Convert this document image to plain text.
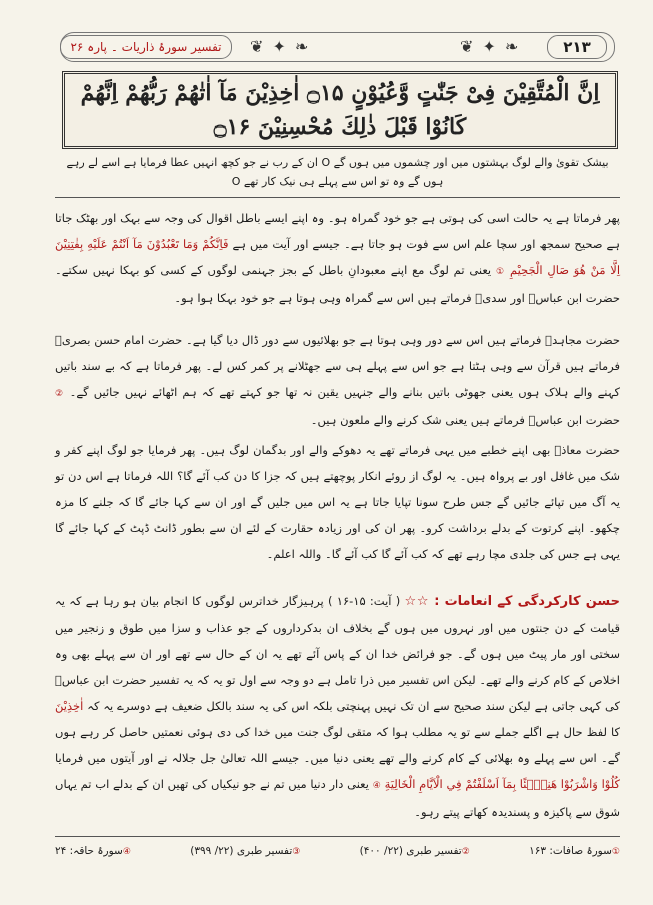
تفسیر سورۂ ذاریات ۔ پارہ ۲۶	❦ ✦ ❧	❦ ✦ ❧	۲۱۳
اِنَّ الْمُتَّقِیْنَ فِیْ جَنّٰتٍ وَّعُیُوْنٍ ۝۱۵ اٰخِذِیْنَ مَآ اٰتٰهُمْ رَبُّهُمْ اِنَّهُمْ
كَانُوْا قَبْلَ ذٰلِكَ مُحْسِنِیْنَ ۝۱۶
بیشک تقویٰ والے لوگ بہشتوں میں اور چشموں میں ہوں گے O ان کے رب نے جو کچھ انہیں عطا فرمایا ہے اسے لے رہے ہوں گے وہ تو اس سے پہلے ہی نیک کار تھے O
پھر فرماتا ہے یہ حالت اسی کی ہوتی ہے جو خود گمراہ ہو۔ وہ اپنے ایسے باطل اقوال کی وجہ سے بہک اور بھٹک جاتا ہے صحیح سمجھ اور سچا علم اس سے فوت ہو جاتا ہے۔ جیسے اور آیت میں ہے فَاِنَّكُمْ وَمَا تَعْبُدُوْنَ مَآ اَنْتُمْ عَلَيْهِ بِفٰتِنِيْنَ اِلَّا مَنْ هُوَ صَالِ الْجَحِيْمِ ① یعنی تم لوگ مع اپنے معبودانِ باطل کے بجز جہنمی لوگوں کے کسی کو بہکا نہیں سکتے۔ حضرت ابن عباسؓ اور سدیؒ فرماتے ہیں اس سے گمراہ وہی ہوتا ہے جو خود بہکا ہوا ہو۔
حضرت مجاہدؒ فرماتے ہیں اس سے دور وہی ہوتا ہے جو بھلائیوں سے دور ڈال دیا گیا ہے۔ حضرت امام حسن بصریؒ فرماتے ہیں قرآن سے وہی ہٹتا ہے جو اس سے پہلے ہی سے جھٹلانے پر کمر کس لے۔ پھر فرماتا ہے کہ بے سند باتیں کہنے والے ہلاک ہوں یعنی جھوٹی باتیں بنانے والے جنہیں یقین نہ تھا جو کہتے تھے کہ ہم اٹھائے نہیں جائیں گے۔ ② حضرت ابن عباسؓ فرماتے ہیں یعنی شک کرنے والے ملعون ہیں۔
حضرت معاذؓ بھی اپنے خطبے میں یہی فرماتے تھے یہ دھوکے والے اور بدگمان لوگ ہیں۔ پھر فرمایا جو لوگ اپنے کفر و شک میں غافل اور بے پرواہ ہیں۔ یہ لوگ از روئے انکار پوچھتے ہیں کہ جزا کا دن کب آئے گا؟ اللہ فرماتا ہے اس دن تو یہ آگ میں تپائے جائیں گے جس طرح سونا تپایا جاتا ہے یہ اس میں جلیں گے اور ان سے کہا جائے گا کہ جلنے کا مزہ چکھو۔ اپنے کرتوت کے بدلے برداشت کرو۔ پھر ان کی اور زیادہ حقارت کے لئے ان سے بطور ڈانٹ ڈپٹ کے کہا جائے گا یہی ہے جس کی جلدی مچا رہے تھے کہ کب آئے گا کب آئے گا۔ واللہ اعلم۔
حسن کارکردگی کے انعامات : ☆☆ ( آیت: ۱۵-۱۶ ) پرہیزگار خداترس لوگوں کا انجام بیان ہو رہا ہے کہ یہ قیامت کے دن جنتوں میں اور نہروں میں ہوں گے بخلاف ان بدکرداروں کے جو عذاب و سزا میں طوق و زنجیر میں سختی اور مار پیٹ میں ہوں گے۔ جو فرائض خدا ان کے پاس آئے تھے یہ ان کے حال سے تھے اور ان سے پہلے بھی وہ اخلاص کے کام کرنے والے تھے۔ لیکن اس تفسیر میں ذرا تامل ہے دو وجہ سے اول تو یہ کہ یہ تفسیر حضرت ابن عباسؓ کی کہی جاتی ہے لیکن سند صحیح سے ان تک نہیں پہنچتی بلکہ اس کی یہ سند بالکل ضعیف ہے دوسرے یہ کہ اٰخِذِیْنَ کا لفظ حال ہے اگلے جملے سے تو یہ مطلب ہوا کہ متقی لوگ جنت میں خدا کی دی ہوئی نعمتیں حاصل کر رہے ہوں گے۔ اس سے پہلے وہ بھلائی کے کام کرنے والے تھے یعنی دنیا میں۔ جیسے اللہ تعالیٰ جل جلالہ نے اور آیتوں میں فرمایا كُلُوْا وَاشْرَبُوْا هَنِيْۤئًا بِمَآ اَسْلَفْتُمْ فِي الْاَيَّامِ الْخَالِيَةِ ④ یعنی دار دنیا میں تم نے جو نیکیاں کی تھیں ان کے بدلے اب تم یہاں شوق سے پاکیزہ و پسندیدہ کھاتے پیتے رہو۔
①سورۂ صافات: ۱۶۳
②تفسیر طبری (۲۲/ ۴۰۰)
③تفسیر طبری (۲۲/ ۳۹۹)
④سورۂ حاقہ: ۲۴
